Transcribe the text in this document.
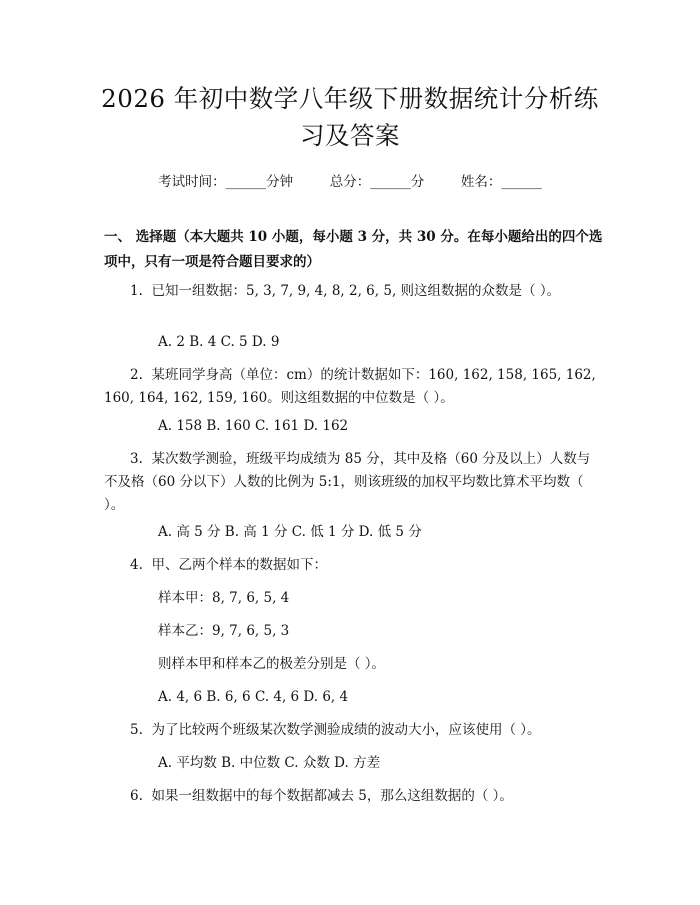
2026 年初中数学八年级下册数据统计分析练习及答案
考试时间：______分钟	总分：______分	姓名：______
一、 选择题（本大题共 10 小题，每小题 3 分，共 30 分。在每小题给出的四个选项中，只有一项是符合题目要求的）
1. 已知一组数据：5, 3, 7, 9, 4, 8, 2, 6, 5, 则这组数据的众数是（ ）。
A. 2 B. 4 C. 5 D. 9
2. 某班同学身高（单位：cm）的统计数据如下：160, 162, 158, 165, 162, 160, 164, 162, 159, 160。则这组数据的中位数是（ ）。
A. 158 B. 160 C. 161 D. 162
3. 某次数学测验，班级平均成绩为 85 分，其中及格（60 分及以上）人数与不及格（60 分以下）人数的比例为 5:1，则该班级的加权平均数比算术平均数（ ）。
A. 高 5 分 B. 高 1 分 C. 低 1 分 D. 低 5 分
4. 甲、乙两个样本的数据如下：
样本甲：8, 7, 6, 5, 4
样本乙：9, 7, 6, 5, 3
则样本甲和样本乙的极差分别是（ ）。
A. 4, 6 B. 6, 6 C. 4, 6 D. 6, 4
5. 为了比较两个班级某次数学测验成绩的波动大小，应该使用（ ）。
A. 平均数 B. 中位数 C. 众数 D. 方差
6. 如果一组数据中的每个数据都减去 5，那么这组数据的（ ）。
